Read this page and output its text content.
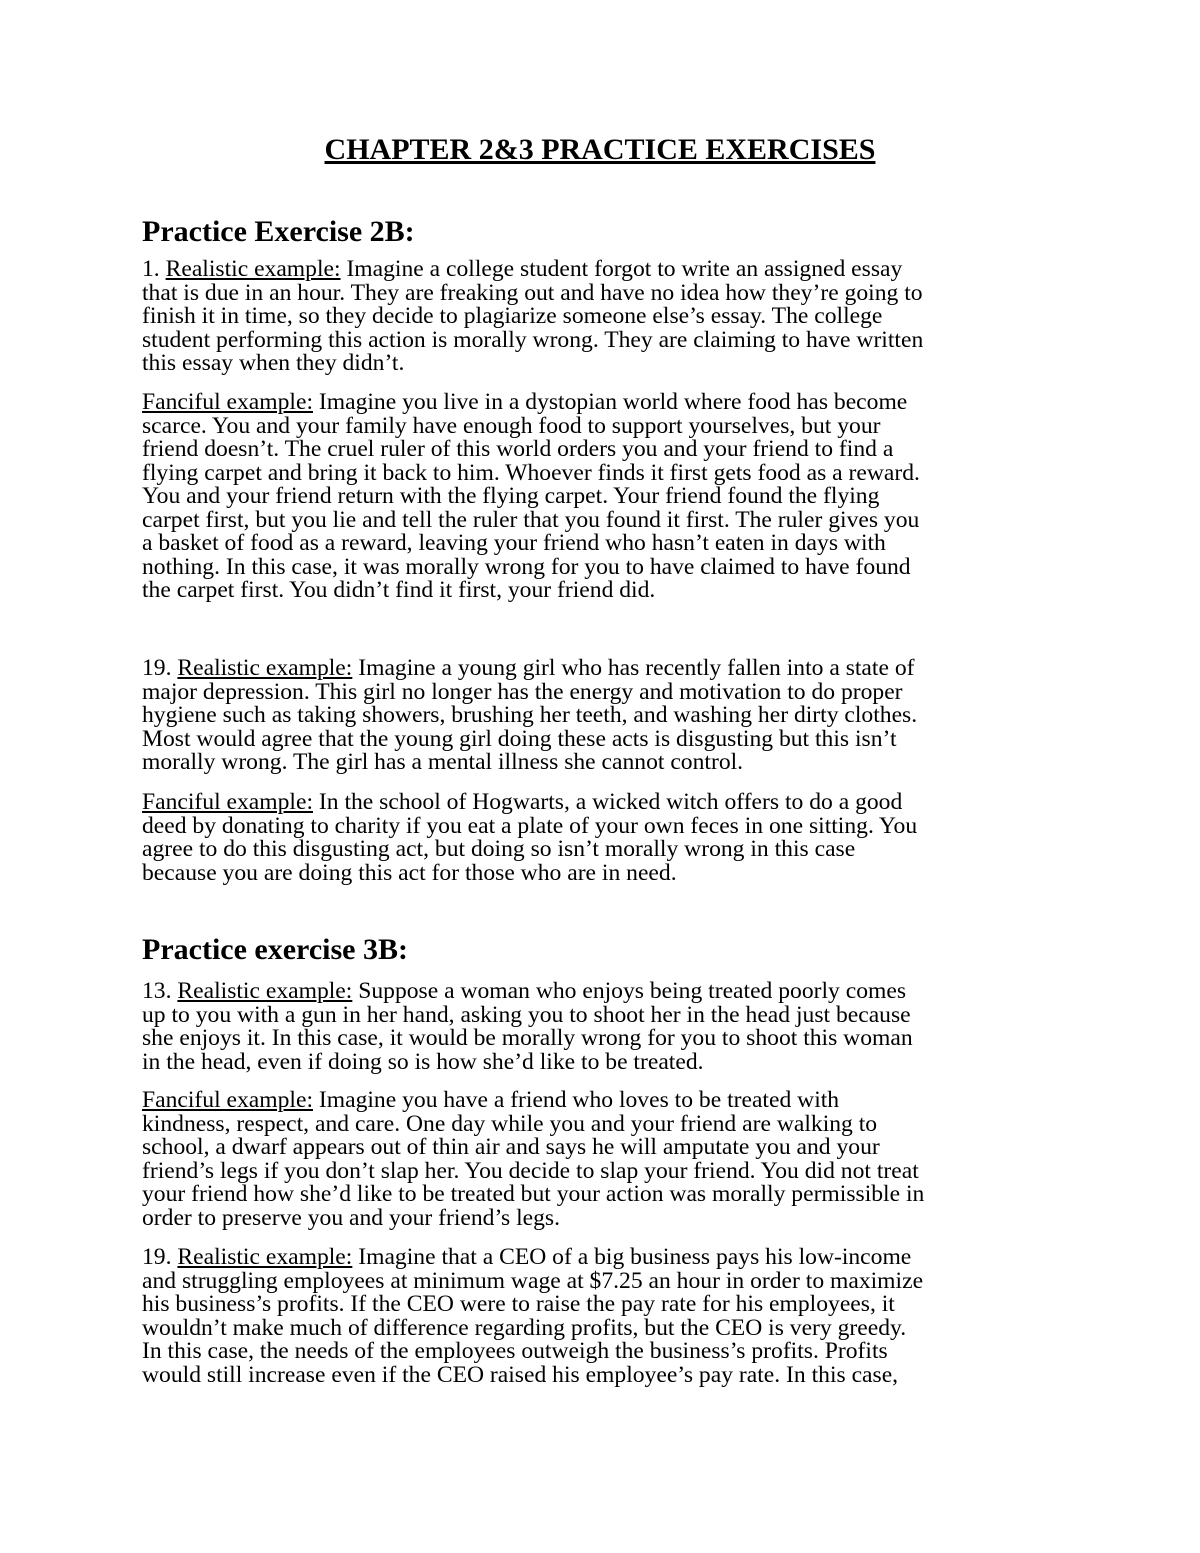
CHAPTER 2&3 PRACTICE EXERCISES
Practice Exercise 2B:

1. Realistic example: Imagine a college student forgot to write an assigned essay
that is due in an hour. They are freaking out and have no idea how they’re going to
finish it in time, so they decide to plagiarize someone else’s essay. The college
student performing this action is morally wrong. They are claiming to have written
this essay when they didn’t.

Fanciful example: Imagine you live in a dystopian world where food has become
scarce. You and your family have enough food to support yourselves, but your
friend doesn’t. The cruel ruler of this world orders you and your friend to find a
flying carpet and bring it back to him. Whoever finds it first gets food as a reward.
You and your friend return with the flying carpet. Your friend found the flying
carpet first, but you lie and tell the ruler that you found it first. The ruler gives you
a basket of food as a reward, leaving your friend who hasn’t eaten in days with
nothing. In this case, it was morally wrong for you to have claimed to have found
the carpet first. You didn’t find it first, your friend did.

19. Realistic example: Imagine a young girl who has recently fallen into a state of
major depression. This girl no longer has the energy and motivation to do proper
hygiene such as taking showers, brushing her teeth, and washing her dirty clothes.
Most would agree that the young girl doing these acts is disgusting but this isn’t
morally wrong. The girl has a mental illness she cannot control.

Fanciful example: In the school of Hogwarts, a wicked witch offers to do a good
deed by donating to charity if you eat a plate of your own feces in one sitting. You
agree to do this disgusting act, but doing so isn’t morally wrong in this case
because you are doing this act for those who are in need.

Practice exercise 3B:

13. Realistic example: Suppose a woman who enjoys being treated poorly comes
up to you with a gun in her hand, asking you to shoot her in the head just because
she enjoys it. In this case, it would be morally wrong for you to shoot this woman
in the head, even if doing so is how she’d like to be treated.

Fanciful example: Imagine you have a friend who loves to be treated with
kindness, respect, and care. One day while you and your friend are walking to
school, a dwarf appears out of thin air and says he will amputate you and your
friend’s legs if you don’t slap her. You decide to slap your friend. You did not treat
your friend how she’d like to be treated but your action was morally permissible in
order to preserve you and your friend’s legs.

19. Realistic example: Imagine that a CEO of a big business pays his low-income
and struggling employees at minimum wage at $7.25 an hour in order to maximize
his business’s profits. If the CEO were to raise the pay rate for his employees, it
wouldn’t make much of difference regarding profits, but the CEO is very greedy.
In this case, the needs of the employees outweigh the business’s profits. Profits
would still increase even if the CEO raised his employee’s pay rate. In this case,
